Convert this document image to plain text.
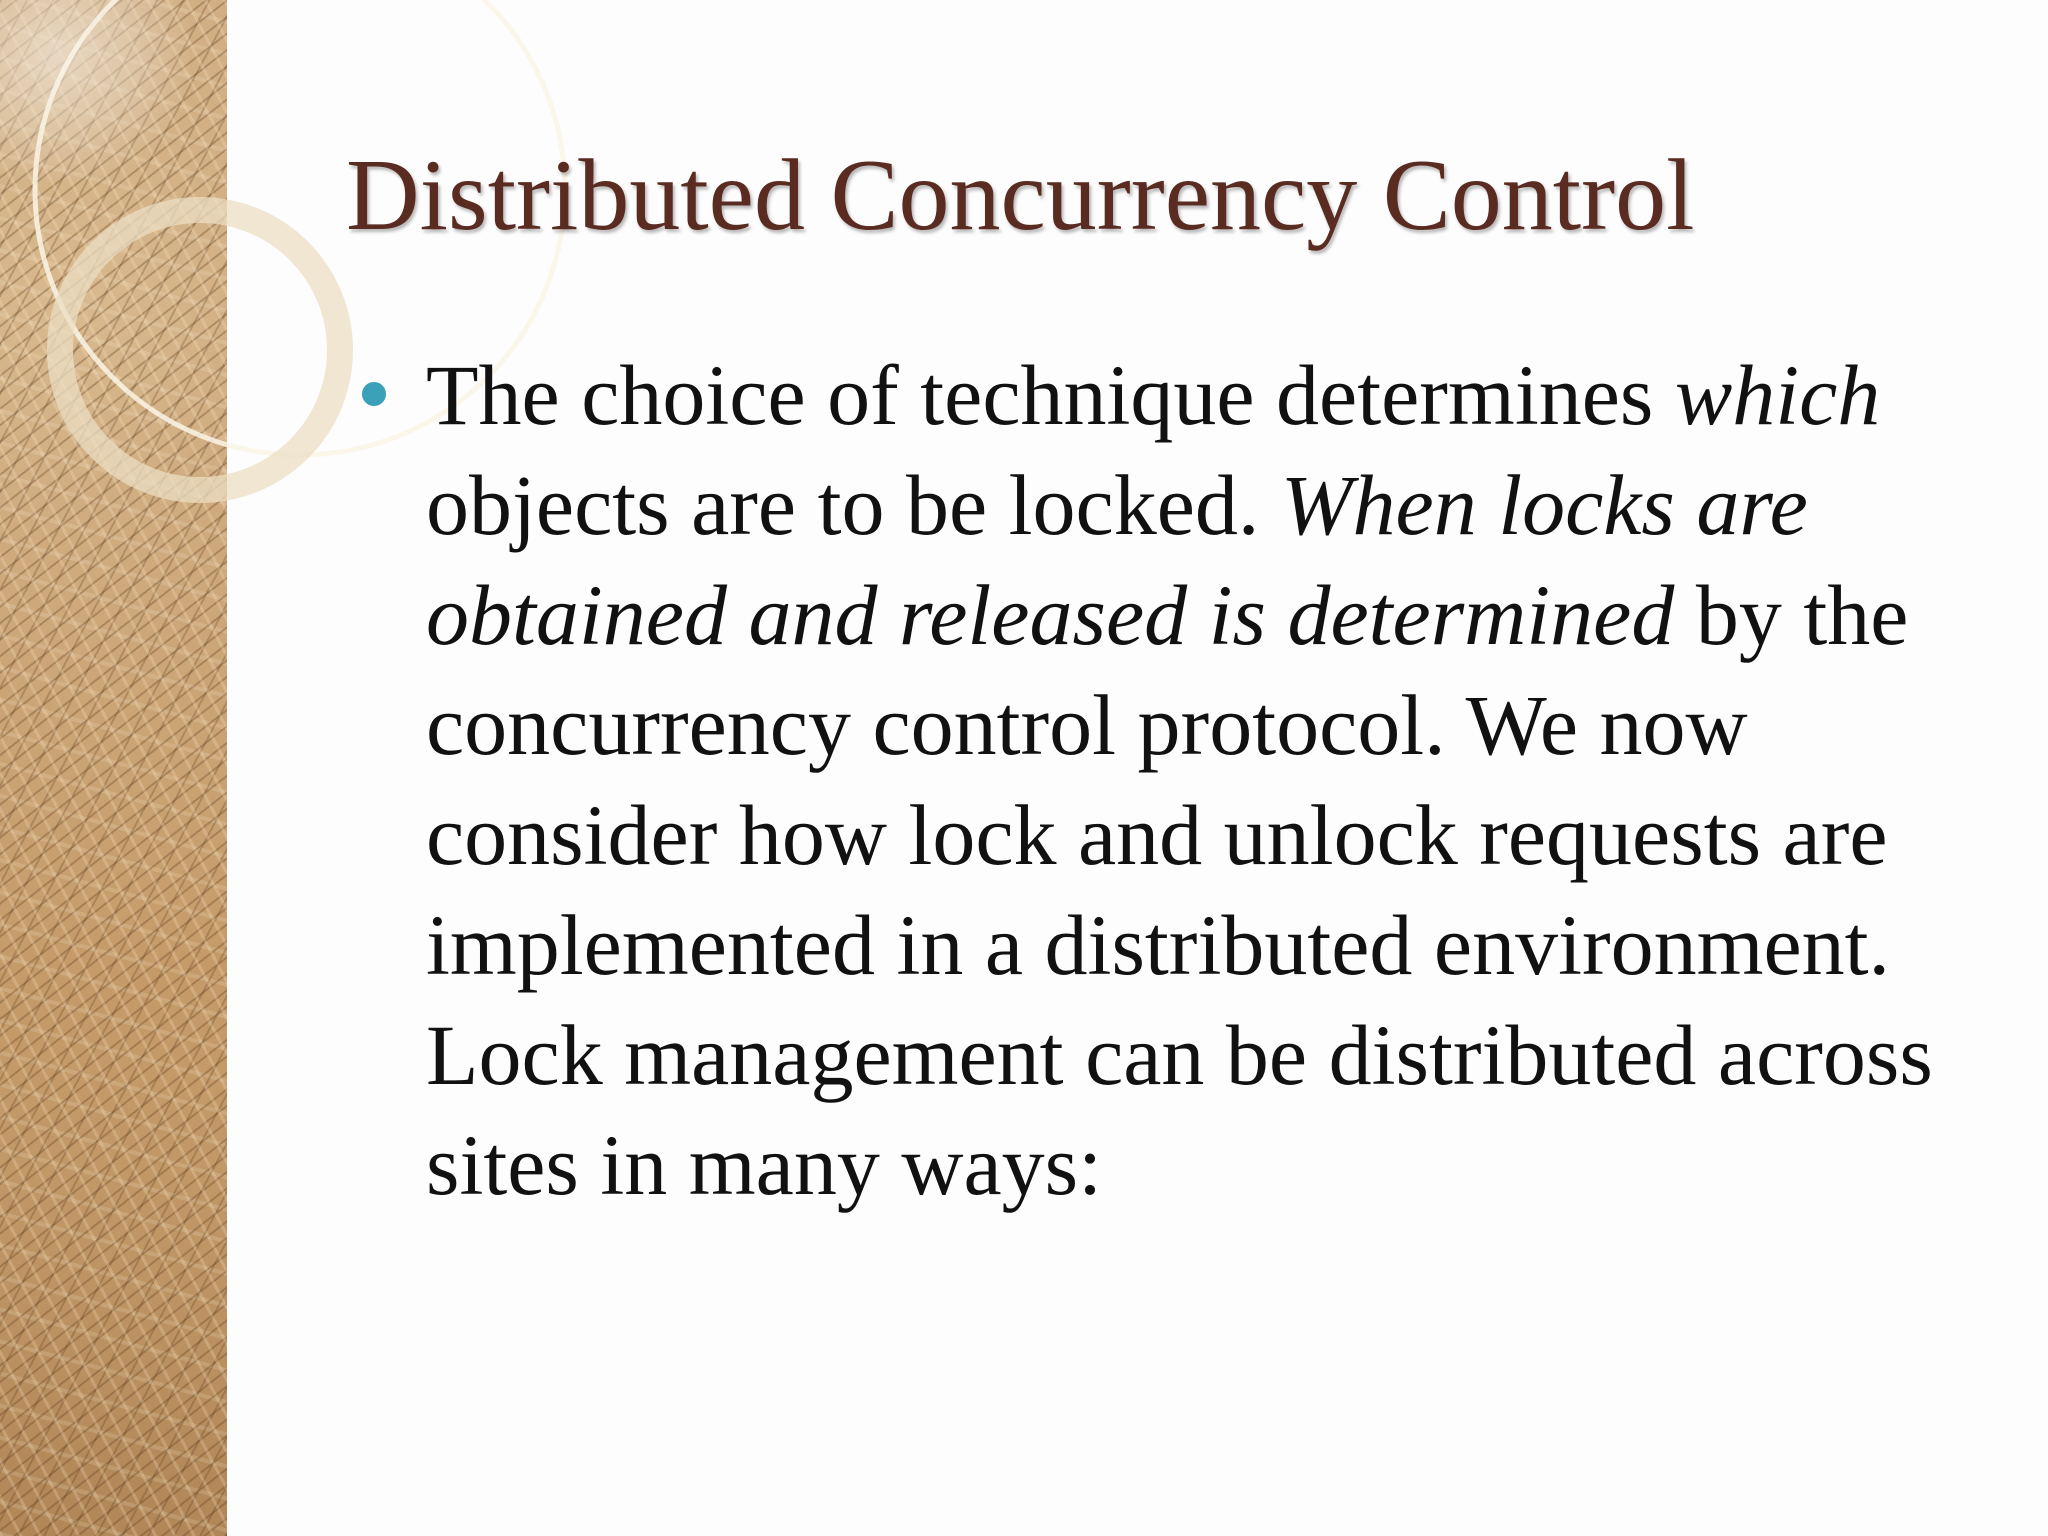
Distributed Concurrency Control
The choice of technique determines which objects are to be locked. When locks are obtained and released is determined by the concurrency control protocol. We now consider how lock and unlock requests are implemented in a distributed environment. Lock management can be distributed across sites in many ways:
